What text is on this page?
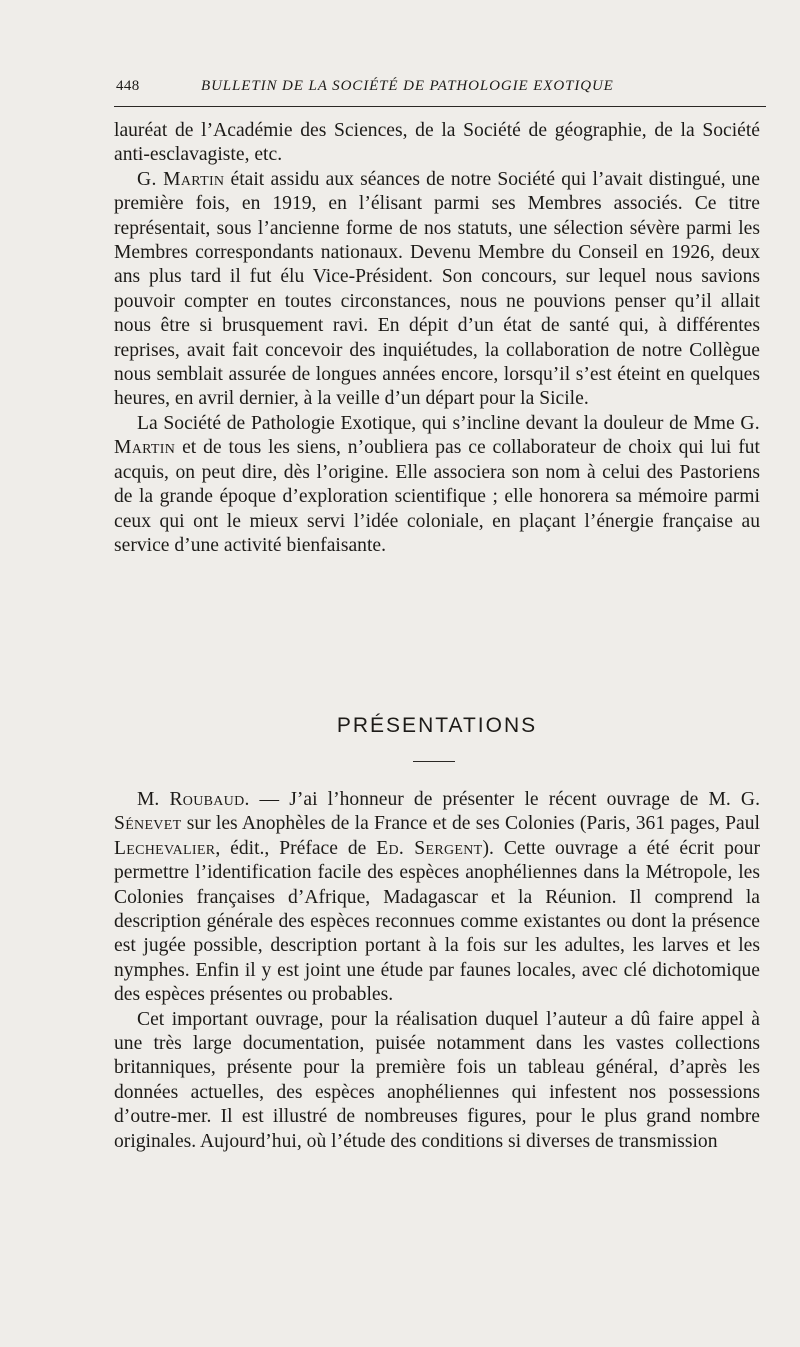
448	BULLETIN DE LA SOCIÉTÉ DE PATHOLOGIE EXOTIQUE

lauréat de l’Académie des Sciences, de la Société de géographie, de la Société anti-esclavagiste, etc.

G. Martin était assidu aux séances de notre Société qui l’avait distingué, une première fois, en 1919, en l’élisant parmi ses Membres associés. Ce titre représentait, sous l’ancienne forme de nos statuts, une sélection sévère parmi les Membres correspondants nationaux. Devenu Membre du Conseil en 1926, deux ans plus tard il fut élu Vice-Président. Son concours, sur lequel nous savions pouvoir compter en toutes circonstances, nous ne pouvions penser qu’il allait nous être si brusquement ravi. En dépit d’un état de santé qui, à différentes reprises, avait fait concevoir des inquiétudes, la collaboration de notre Collègue nous semblait assurée de longues années encore, lorsqu’il s’est éteint en quelques heures, en avril dernier, à la veille d’un départ pour la Sicile.

La Société de Pathologie Exotique, qui s’incline devant la douleur de Mme G. Martin et de tous les siens, n’oubliera pas ce collaborateur de choix qui lui fut acquis, on peut dire, dès l’origine. Elle associera son nom à celui des Pastoriens de la grande époque d’exploration scientifique ; elle honorera sa mémoire parmi ceux qui ont le mieux servi l’idée coloniale, en plaçant l’énergie française au service d’une activité bienfaisante.

PRÉSENTATIONS

M. Roubaud. — J’ai l’honneur de présenter le récent ouvrage de M. G. Sénevet sur les Anophèles de la France et de ses Colonies (Paris, 361 pages, Paul Lechevalier, édit., Préface de Ed. Sergent). Cette ouvrage a été écrit pour permettre l’identification facile des espèces anophéliennes dans la Métropole, les Colonies françaises d’Afrique, Madagascar et la Réunion. Il comprend la description générale des espèces reconnues comme existantes ou dont la présence est jugée possible, description portant à la fois sur les adultes, les larves et les nymphes. Enfin il y est joint une étude par faunes locales, avec clé dichotomique des espèces présentes ou probables.

Cet important ouvrage, pour la réalisation duquel l’auteur a dû faire appel à une très large documentation, puisée notamment dans les vastes collections britanniques, présente pour la première fois un tableau général, d’après les données actuelles, des espèces anophéliennes qui infestent nos possessions d’outre-mer. Il est illustré de nombreuses figures, pour le plus grand nombre originales. Aujourd’hui, où l’étude des conditions si diverses de transmission
